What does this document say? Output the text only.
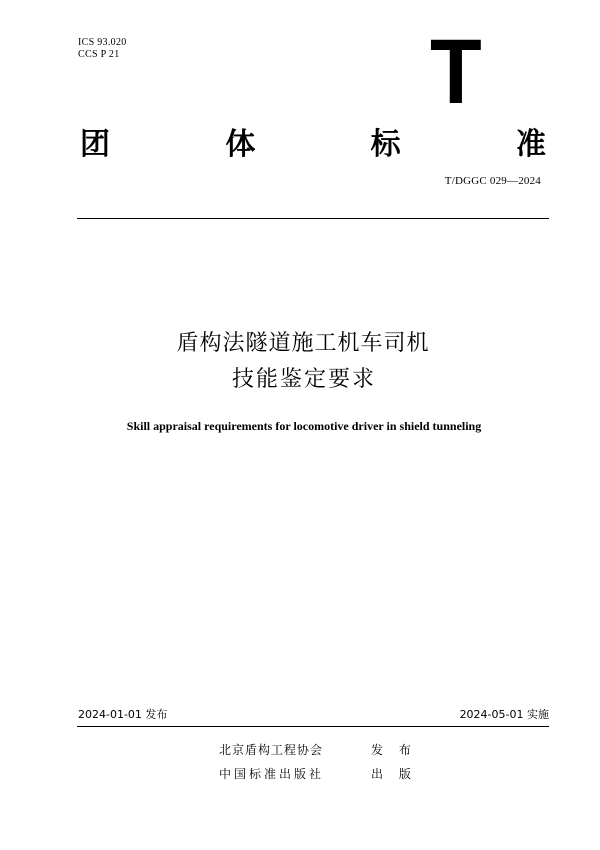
ICS 93.020
CCS P 21	T
团	体	标	准
T/DGGC 029—2024
盾构法隧道施工机车司机
技能鉴定要求
Skill appraisal requirements for locomotive driver in shield tunneling
2024-01-01 发布	2024-05-01 实施
北京盾构工程协会	发 布
中国标准出版社	出 版
